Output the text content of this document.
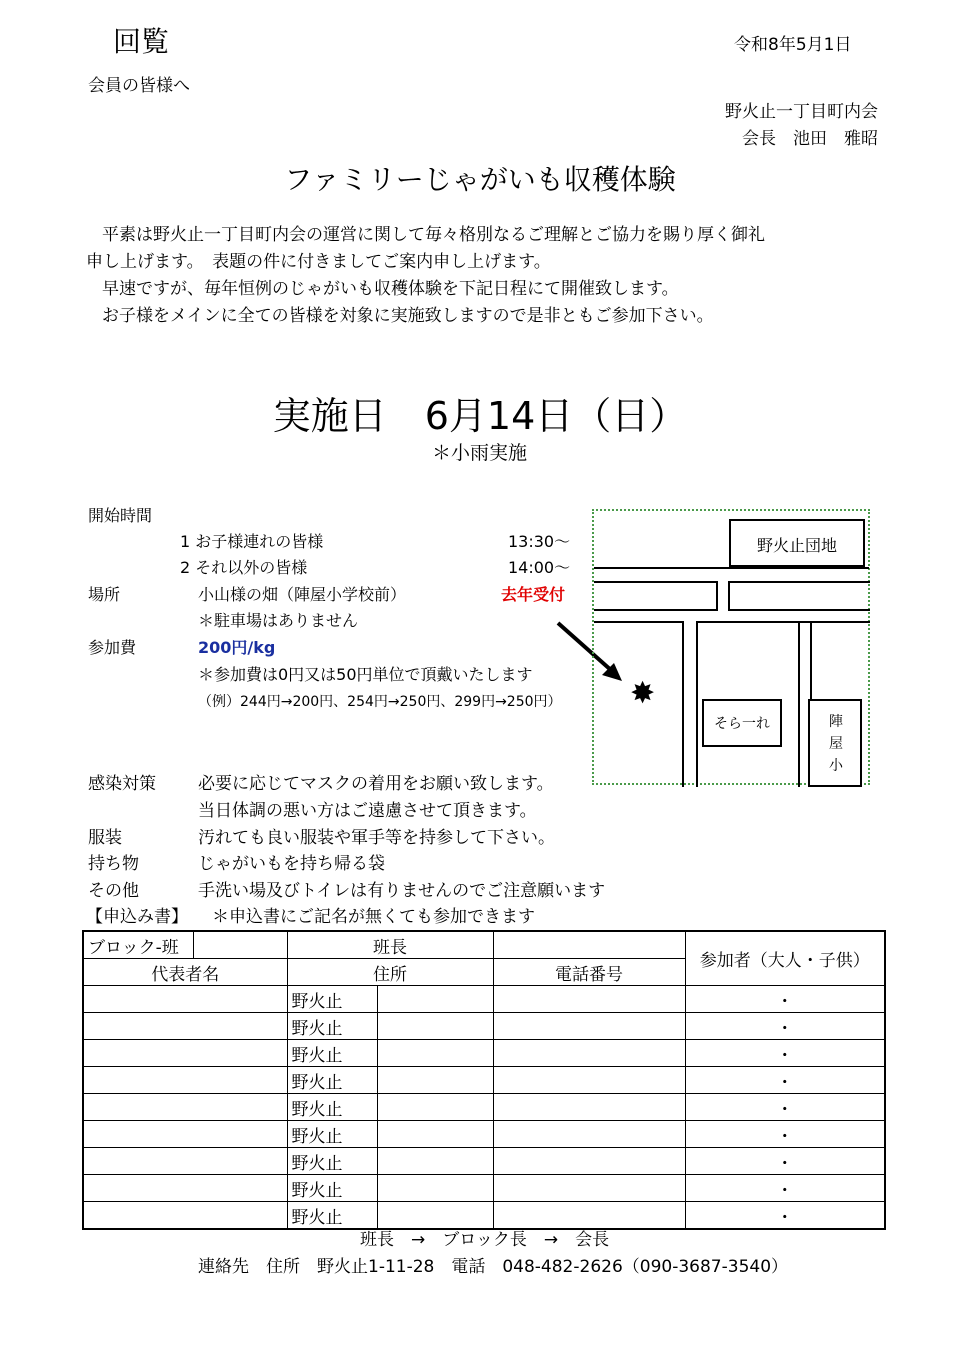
回覧	令和8年5月1日
会員の皆様へ
野火止一丁目町内会
会長　池田　雅昭
ファミリーじゃがいも収穫体験
平素は野火止一丁目町内会の運営に関して毎々格別なるご理解とご協力を賜り厚く御礼
申し上げます。　表題の件に付きましてご案内申し上げます。
早速ですが、毎年恒例のじゃがいも収穫体験を下記日程にて開催致します。
お子様をメインに全ての皆様を対象に実施致しますので是非ともご参加下さい。
実施日　6月14日（日）
＊小雨実施
開始時間
1 お子様連れの皆様	13:30～
2 それ以外の皆様	14:00～
場所	小山様の畑（陣屋小学校前）	去年受付
＊駐車場はありません
参加費	200円/kg
＊参加費は0円又は50円単位で頂戴いたします
（例）244円→200円、254円→250円、299円→250円）
野火止団地
そら一れ	陣屋小
✸
感染対策 必要に応じてマスクの着用をお願い致します。
当日体調の悪い方はご遠慮させて頂きます。
服装	汚れても良い服装や軍手等を持参して下さい。
持ち物	じゃがいもを持ち帰る袋
その他	手洗い場及びトイレは有りませんのでご注意願います
【申込み書】 ＊申込書にご記名が無くても参加できます
ブロック-班		班長			参加者（大人・子供）
代表者名		住所		電話番号	
		野火止			・
		野火止			・
		野火止			・
		野火止			・
		野火止			・
		野火止			・
		野火止			・
		野火止			・
		野火止			・
班長　→　ブロック長　→　会長
連絡先　住所　野火止1-11-28　電話　048-482-2626（090-3687-3540）
